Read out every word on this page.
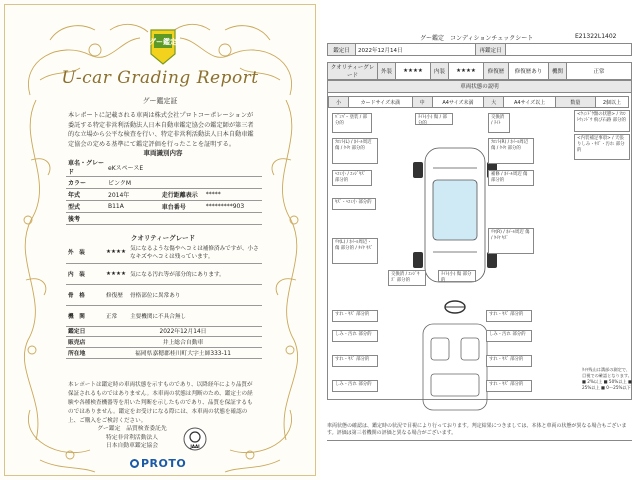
グー鑑定
U-car Grading Report
グー鑑定証
本レポートに記載される車両は株式会社プロトコーポレーションが委託する特定非営利活動法人日本自動車鑑定協会の鑑定師が第三者的な立場から公平な検査を行い、特定非営利活動法人日本自動車鑑定協会の定める基準にて鑑定評価を行ったことを証明する。
車両識別内容
車名・グレード	eKスペースE		
カラー	ピンクM		
年式	2014年	走行距離表示	*****
型式	B11A	車台番号	*********903
後考			
クオリティーグレード
外　装	★★★★	気になるような傷やヘコミは補修済みですが、小さなキズやヘコミは残っています。
内　装	★★★★	気になる汚れ等が部分的にあります。
骨　格	修復歴	骨格部位に異常あり
機　関	正常	主要機関に不具合無し
鑑定日	2022年12月14日
販売店	井上総合自動車
所在地	福岡県嘉穂郡桂川町大字土師333-11
本レポートは鑑定時の車両状態を示すものであり、以降経年により品質が保証されるものではありません。本車両の状態は判断のため、鑑定士の経験や各種検査機器等を用いた判断を示したものであり、品質を保証するものではありません。鑑定をお受けになる際には、本車両の状態を確認の上、ご購入をご検討ください。
グー鑑定　品質検査委託先
特定非営利活動法人
日本自動車鑑定協会	JAAI
PROTO
グー鑑定　コンディションチェックシート	E21322L1402
鑑定日	2022年12月14日	再鑑定日	
クオリティーグレード	外装	★★★★	内装	★★★★	修復歴	修復歴あり	機関	正常
車両状態の説明
小	カードサイズ未満	中	A4サイズ未満	大	A4サイズ以上	数量	2個以上
ﾊﾞﾝﾊﾟｰ 塗装 / 部分的
ﾗｲﾄ(小) 傷 / 部分的
交換済 / ﾗｲﾄ
<ｳｨﾝﾄﾞｳ類の状態> / ﾌﾛﾝﾄｳｨﾝﾄﾞｳ 飛び石跡 部分的
<内装補足事項> / 天張りしみ・ｷｽﾞ・汚れ 部分的
ﾌﾛﾝﾄ(L) / ﾎｲｰﾙ周辺 傷 / ﾀｲﾔ 部分的
ﾌﾛﾝﾄ(R) / ﾎｲｰﾙ周辺 傷 / ﾀｲﾔ 部分的
ﾍｺﾐ小 / ｴｯｼﾞｷｽﾞ 部分的
補修 / ﾎｲｰﾙ周辺 傷 部分的
ｷｽﾞ・ﾍｺﾐ小 部分的
ﾘﾔ(L) / ﾎｲｰﾙ周辺・傷 部分的 / ﾀｲﾔ ｷｽﾞ
ﾘﾔ(R) / ﾎｲｰﾙ周辺 傷 / ﾀｲﾔ ｷｽﾞ
交換済 / ｴｯｼﾞｷｽﾞ 部分的
ﾗｲﾄ(小) 傷 部分的
すれ・ｷｽﾞ 部分的	すれ・ｷｽﾞ 部分的
しみ・汚れ 部分的	しみ・汚れ 部分的
すれ・ｷｽﾞ 部分的	すれ・ｷｽﾞ 部分的
しみ・汚れ 部分的	すれ・ｷｽﾞ 部分的
ﾀｲﾔ残山は溝部の測定で、目視での確認となります。 ■ 2%以上 ■ 50%以上 ■ 25%以上 ■ 0～25%以下
車両状態の確認は、鑑定時の状況で目視により行っております。判定結果につきましては、本体と車両の状態が異なる場合もございます。評価は第三者機関の評価と異なる場合がございます。
